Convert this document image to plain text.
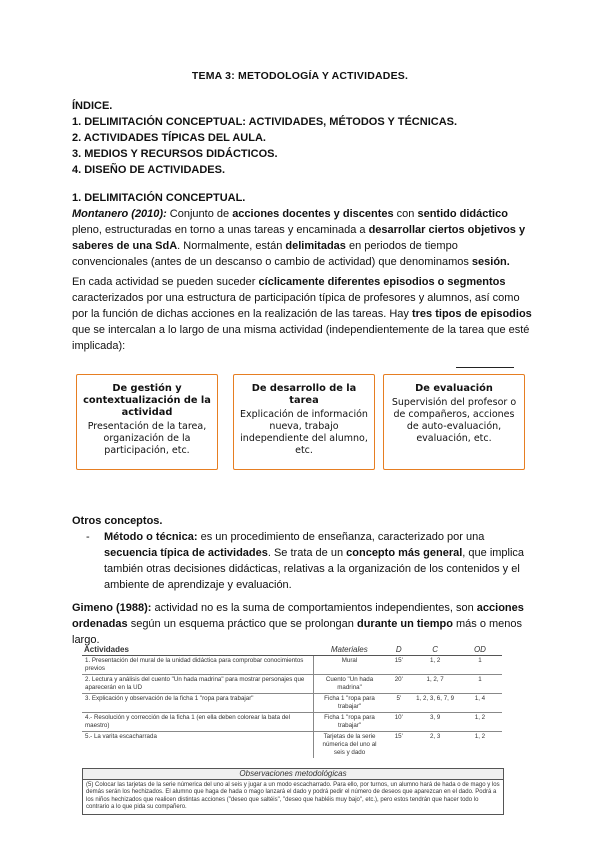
TEMA 3: METODOLOGÍA Y ACTIVIDADES.
ÍNDICE.
1. DELIMITACIÓN CONCEPTUAL: ACTIVIDADES, MÉTODOS Y TÉCNICAS.
2. ACTIVIDADES TÍPICAS DEL AULA.
3. MEDIOS Y RECURSOS DIDÁCTICOS.
4. DISEÑO DE ACTIVIDADES.

1. DELIMITACIÓN CONCEPTUAL.

Montanero (2010): Conjunto de acciones docentes y discentes con sentido didáctico pleno, estructuradas en torno a unas tareas y encaminada a desarrollar ciertos objetivos y saberes de una SdA. Normalmente, están delimitadas en periodos de tiempo convencionales (antes de un descanso o cambio de actividad) que denominamos sesión.

En cada actividad se pueden suceder cíclicamente diferentes episodios o segmentos caracterizados por una estructura de participación típica de profesores y alumnos, así como por la función de dichas acciones en la realización de las tareas. Hay tres tipos de episodios que se intercalan a lo largo de una misma actividad (independientemente de la tarea que esté implicada):

De gestión y contextualización de la actividad
Presentación de la tarea, organización de la participación, etc.
De desarrollo de la tarea
Explicación de información nueva, trabajo independiente del alumno, etc.
De evaluación
Supervisión del profesor o de compañeros, acciones de auto-evaluación, evaluación, etc.

Otros conceptos.

- Método o técnica: es un procedimiento de enseñanza, caracterizado por una secuencia típica de actividades. Se trata de un concepto más general, que implica también otras decisiones didácticas, relativas a la organización de los contenidos y el ambiente de aprendizaje y evaluación.

Gimeno (1988): actividad no es la suma de comportamientos independientes, son acciones ordenadas según un esquema práctico que se prolongan durante un tiempo más o menos largo.

Actividades	Materiales	D	C	OD
1. Presentación del mural de la unidad didáctica para comprobar conocimientos previos	Mural	15'	1, 2	1
2. Lectura y análisis del cuento "Un hada madrina" para mostrar personajes que aparecerán en la UD	Cuento "Un hada madrina"	20'	1, 2, 7	1
3. Explicación y observación de la ficha 1 "ropa para trabajar"	Ficha 1 "ropa para trabajar"	5'	1, 2, 3, 6, 7, 9	1, 4
4.- Resolución y corrección de la ficha 1 (en ella deben colorear la bata del maestro)	Ficha 1 "ropa para trabajar"	10'	3, 9	1, 2
5.- La varita escacharrada	Tarjetas de la serie númerica del uno al seis y dado	15'	2, 3	1, 2
Observaciones metodológicas
(5) Colocar las tarjetas de la serie númerica del uno al seis y jugar a un modo escacharrado. Para ello, por turnos, un alumno hará de hada o de mago y los demás serán los hechizados. El alumno que haga de hada o mago lanzará el dado y podrá pedir el número de deseos que aparezcan en el dado. Podrá a los niños hechizados que realicen distintas acciones ("deseo que saltéis", "deseo que habléis muy bajo", etc.), pero estos tendrán que hacer todo lo contrario a lo que pida su compañero.
